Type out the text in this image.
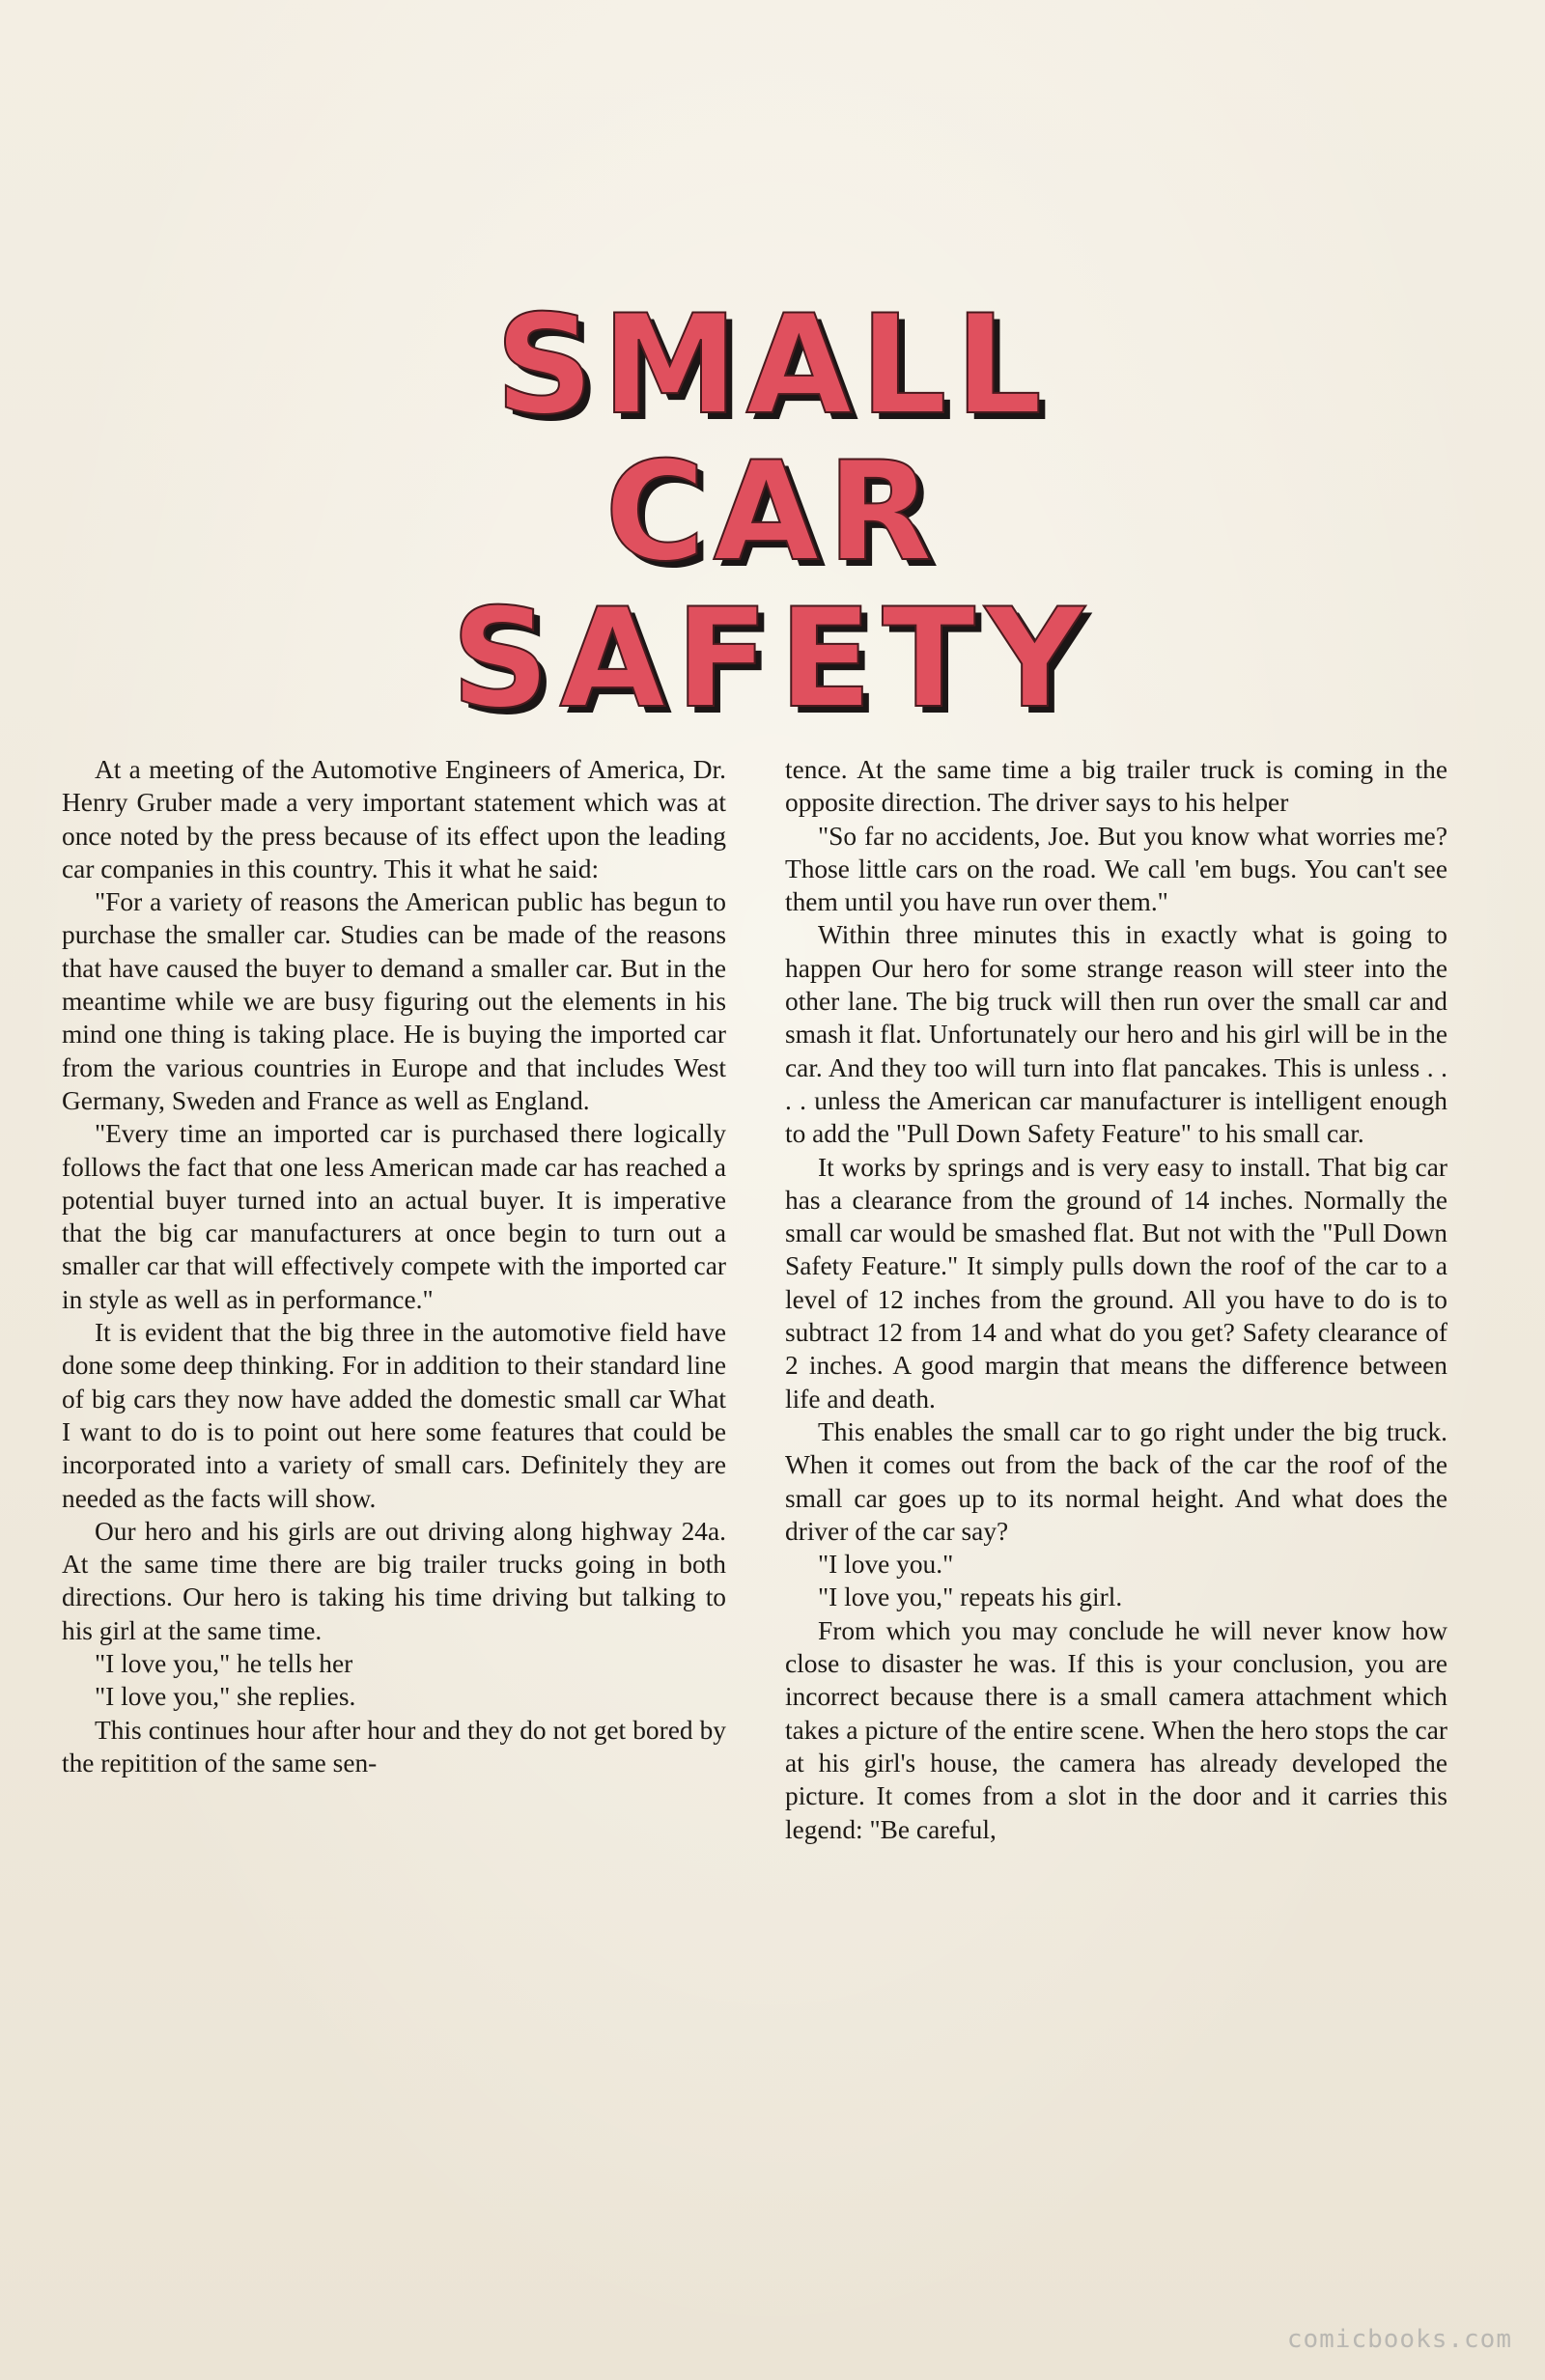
SMALL
CAR
SAFETY

At a meeting of the Automotive Engineers of America, Dr. Henry Gruber made a very important statement which was at once noted by the press because of its effect upon the leading car companies in this country. This it what he said:

"For a variety of reasons the American public has begun to purchase the smaller car. Studies can be made of the reasons that have caused the buyer to demand a smaller car. But in the meantime while we are busy figuring out the elements in his mind one thing is taking place. He is buying the imported car from the various countries in Europe and that includes West Germany, Sweden and France as well as England.

"Every time an imported car is purchased there logically follows the fact that one less American made car has reached a potential buyer turned into an actual buyer. It is imperative that the big car manufacturers at once begin to turn out a smaller car that will effectively compete with the imported car in style as well as in performance."

It is evident that the big three in the automotive field have done some deep thinking. For in addition to their standard line of big cars they now have added the domestic small car What I want to do is to point out here some features that could be incorporated into a variety of small cars. Definitely they are needed as the facts will show.

Our hero and his girls are out driving along highway 24a. At the same time there are big trailer trucks going in both directions. Our hero is taking his time driving but talking to his girl at the same time.

"I love you," he tells her

"I love you," she replies.

This continues hour after hour and they do not get bored by the repitition of the same sen-

tence. At the same time a big trailer truck is coming in the opposite direction. The driver says to his helper

"So far no accidents, Joe. But you know what worries me? Those little cars on the road. We call 'em bugs. You can't see them until you have run over them."

Within three minutes this in exactly what is going to happen Our hero for some strange reason will steer into the other lane. The big truck will then run over the small car and smash it flat. Unfortunately our hero and his girl will be in the car. And they too will turn into flat pancakes. This is unless . . . . unless the American car manufacturer is intelligent enough to add the "Pull Down Safety Feature" to his small car.

It works by springs and is very easy to install. That big car has a clearance from the ground of 14 inches. Normally the small car would be smashed flat. But not with the "Pull Down Safety Feature." It simply pulls down the roof of the car to a level of 12 inches from the ground. All you have to do is to subtract 12 from 14 and what do you get? Safety clearance of 2 inches. A good margin that means the difference between life and death.

This enables the small car to go right under the big truck. When it comes out from the back of the car the roof of the small car goes up to its normal height. And what does the driver of the car say?

"I love you."

"I love you," repeats his girl.

From which you may conclude he will never know how close to disaster he was. If this is your conclusion, you are incorrect because there is a small camera attachment which takes a picture of the entire scene. When the hero stops the car at his girl's house, the camera has already developed the picture. It comes from a slot in the door and it carries this legend: "Be careful,

comicbooks.com
